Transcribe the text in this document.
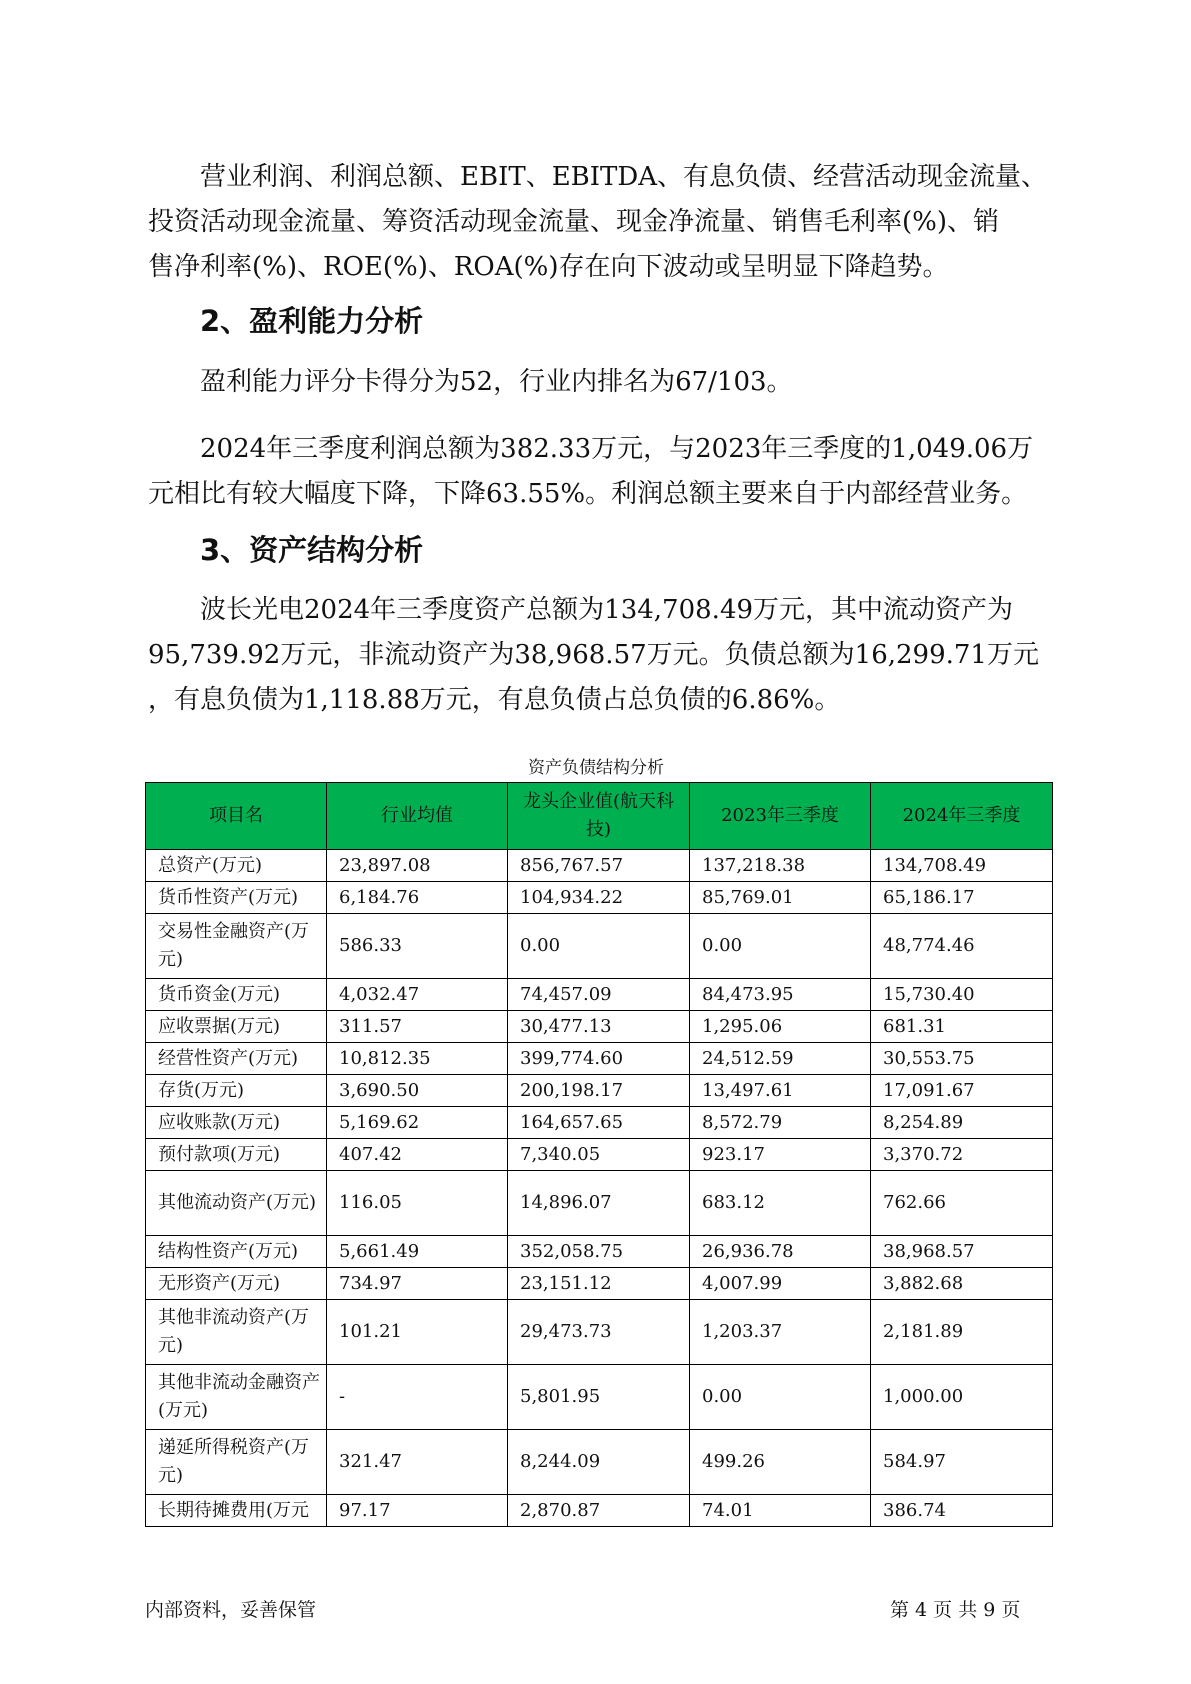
营业利润、利润总额、EBIT、EBITDA、有息负债、经营活动现金流量、
投资活动现金流量、筹资活动现金流量、现金净流量、销售毛利率(%)、销
售净利率(%)、ROE(%)、ROA(%)存在向下波动或呈明显下降趋势。

2、盈利能力分析

盈利能力评分卡得分为52，行业内排名为67/103。

2024年三季度利润总额为382.33万元，与2023年三季度的1,049.06万
元相比有较大幅度下降，下降63.55%。利润总额主要来自于内部经营业务。

3、资产结构分析

波长光电2024年三季度资产总额为134,708.49万元，其中流动资产为
95,739.92万元，非流动资产为38,968.57万元。负债总额为16,299.71万元
，有息负债为1,118.88万元，有息负债占总负债的6.86%。

资产负债结构分析
项目名	行业均值	龙头企业值(航天科技)	2023年三季度	2024年三季度
总资产(万元)	23,897.08	856,767.57	137,218.38	134,708.49
货币性资产(万元)	6,184.76	104,934.22	85,769.01	65,186.17
交易性金融资产(万元)	586.33	0.00	0.00	48,774.46
货币资金(万元)	4,032.47	74,457.09	84,473.95	15,730.40
应收票据(万元)	311.57	30,477.13	1,295.06	681.31
经营性资产(万元)	10,812.35	399,774.60	24,512.59	30,553.75
存货(万元)	3,690.50	200,198.17	13,497.61	17,091.67
应收账款(万元)	5,169.62	164,657.65	8,572.79	8,254.89
预付款项(万元)	407.42	7,340.05	923.17	3,370.72
其他流动资产(万元)	116.05	14,896.07	683.12	762.66
结构性资产(万元)	5,661.49	352,058.75	26,936.78	38,968.57
无形资产(万元)	734.97	23,151.12	4,007.99	3,882.68
其他非流动资产(万元)	101.21	29,473.73	1,203.37	2,181.89
其他非流动金融资产(万元)	-	5,801.95	0.00	1,000.00
递延所得税资产(万元)	321.47	8,244.09	499.26	584.97
长期待摊费用(万元	97.17	2,870.87	74.01	386.74
内部资料，妥善保管	第 4 页 共 9 页
